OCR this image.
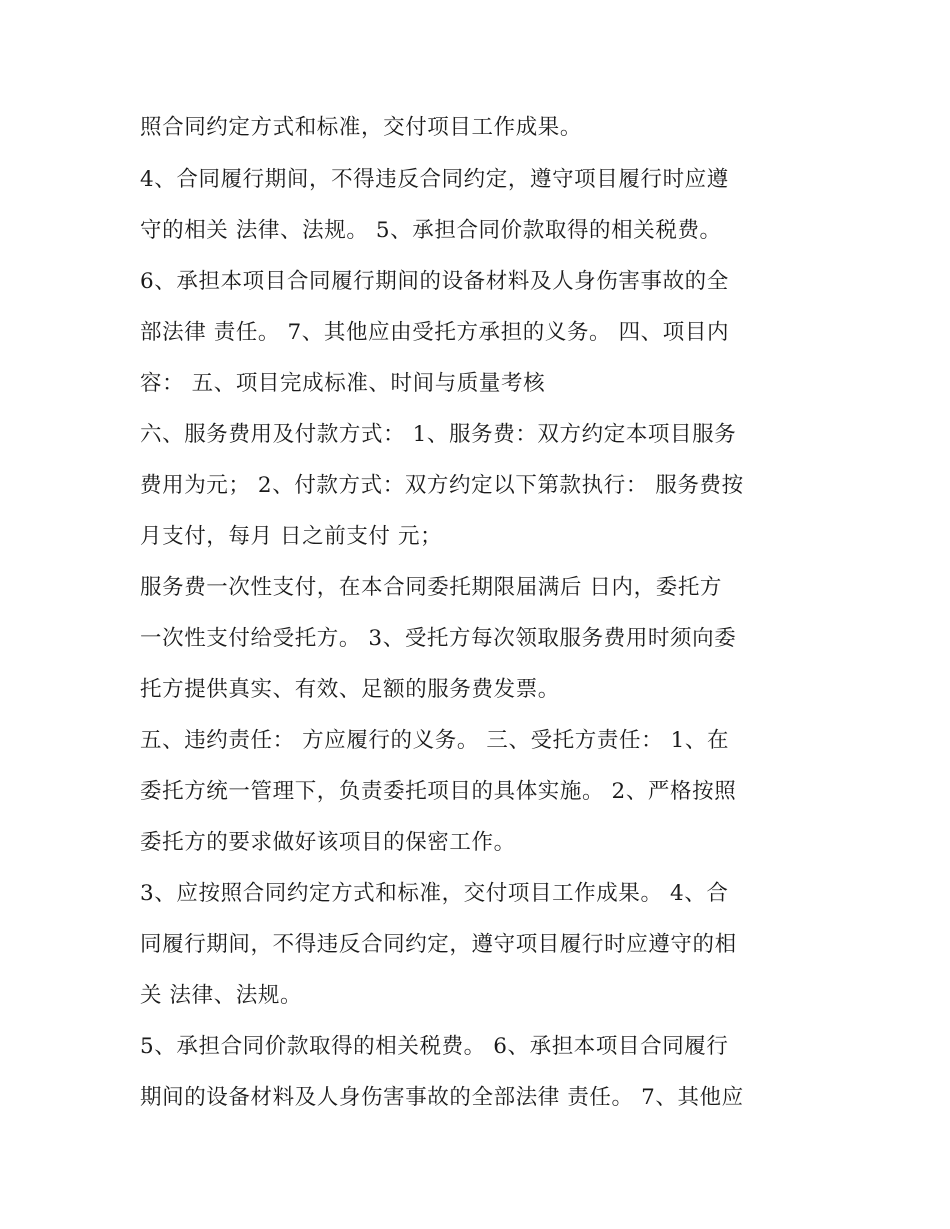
照合同约定方式和标准，交付项目工作成果。
4、合同履行期间，不得违反合同约定，遵守项目履行时应遵
守的相关 法律、法规。 5、承担合同价款取得的相关税费。
6、承担本项目合同履行期间的设备材料及人身伤害事故的全
部法律 责任。 7、其他应由受托方承担的义务。 四、项目内
容： 五、项目完成标准、时间与质量考核
六、服务费用及付款方式： 1、服务费：双方约定本项目服务
费用为元； 2、付款方式：双方约定以下第款执行： 服务费按
月支付，每月 日之前支付 元；
服务费一次性支付，在本合同委托期限届满后 日内，委托方
一次性支付给受托方。 3、受托方每次领取服务费用时须向委
托方提供真实、有效、足额的服务费发票。
五、违约责任： 方应履行的义务。 三、受托方责任： 1、在
委托方统一管理下，负责委托项目的具体实施。 2、严格按照
委托方的要求做好该项目的保密工作。
3、应按照合同约定方式和标准，交付项目工作成果。 4、合
同履行期间，不得违反合同约定，遵守项目履行时应遵守的相
关 法律、法规。
5、承担合同价款取得的相关税费。 6、承担本项目合同履行
期间的设备材料及人身伤害事故的全部法律 责任。 7、其他应
